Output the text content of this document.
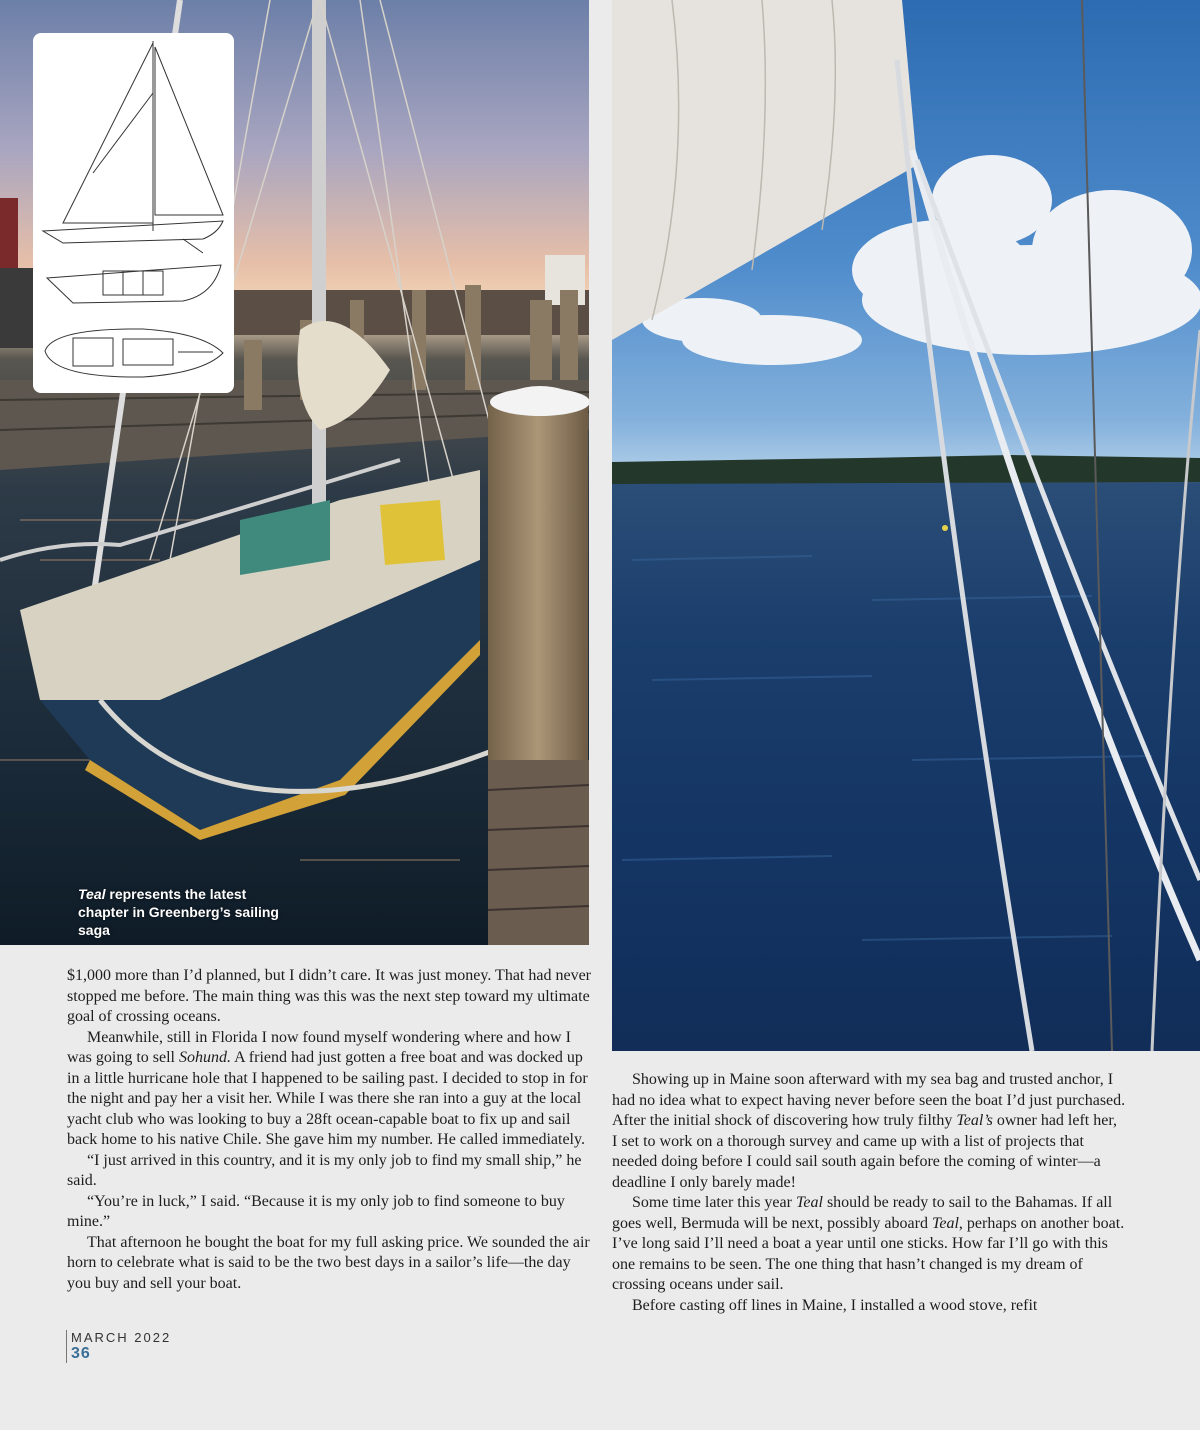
Teal represents the latest chapter in Greenberg’s sailing saga

$1,000 more than I’d planned, but I didn’t care. It was just money. That had never stopped me before. The main thing was this was the next step toward my ultimate goal of crossing oceans.

Meanwhile, still in Florida I now found myself wondering where and how I was going to sell Sohund. A friend had just gotten a free boat and was docked up in a little hurricane hole that I happened to be sailing past. I decided to stop in for the night and pay her a visit her. While I was there she ran into a guy at the local yacht club who was looking to buy a 28ft ocean-capable boat to fix up and sail back home to his native Chile. She gave him my number. He called immediately.

“I just arrived in this country, and it is my only job to find my small ship,” he said.

“You’re in luck,” I said. “Because it is my only job to find someone to buy mine.”

That afternoon he bought the boat for my full asking price. We sounded the air horn to celebrate what is said to be the two best days in a sailor’s life—the day you buy and sell your boat.

Showing up in Maine soon afterward with my sea bag and trusted anchor, I had no idea what to expect having never before seen the boat I’d just purchased. After the initial shock of discovering how truly filthy Teal’s owner had left her, I set to work on a thorough survey and came up with a list of projects that needed doing before I could sail south again before the coming of winter—a deadline I only barely made!

Some time later this year Teal should be ready to sail to the Bahamas. If all goes well, Bermuda will be next, possibly aboard Teal, perhaps on another boat. I’ve long said I’ll need a boat a year until one sticks. How far I’ll go with this one remains to be seen. The one thing that hasn’t changed is my dream of crossing oceans under sail.

Before casting off lines in Maine, I installed a wood stove, refit

MARCH 2022
36
